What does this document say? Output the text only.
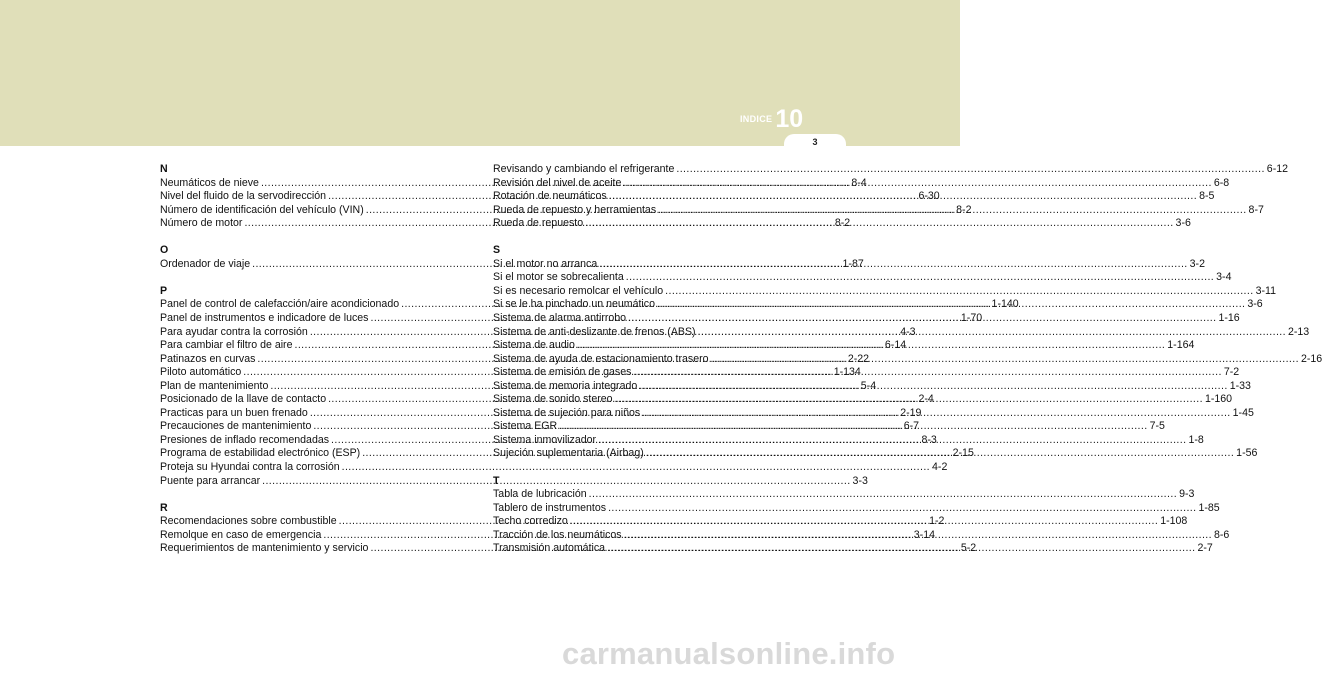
INDICE 10
3
N
Neumáticos de nieve .....	8-4
Nivel del fluido de la servodirección .....	6-30
Número de identificación del vehículo (VIN) .....	8-2
Número de motor .....	8-2
O
Ordenador de viaje .....	1-87
P
Panel de control de calefacción/aire acondicionado .....	1-140
Panel de instrumentos e indicadore de luces .....	1-70
Para ayudar contra la corrosión .....	4-3
Para cambiar el filtro de aire .....	6-14
Patinazos en curvas .....	2-22
Piloto automático .....	1-134
Plan de mantenimiento .....	5-4
Posicionado de la llave de contacto .....	2-4
Practicas para un buen frenado .....	2-19
Precauciones de mantenimiento .....	6-7
Presiones de inflado recomendadas .....	8-3
Programa de estabilidad electrónico (ESP) .....	2-15
Proteja su Hyundai contra la corrosión .....	4-2
Puente para arrancar .....	3-3
R
Recomendaciones sobre combustible .....	1-2
Remolque en caso de emergencia .....	3-14
Requerimientos de mantenimiento y servicio .....	5-2
Revisando y cambiando el refrigerante .....	6-12
Revisión del nivel de aceite .....	6-8
Rotación de neumáticos .....	8-5
Rueda de repuesto y herramientas .....	8-7
Rueda de repuesto .....	3-6
S
Si el motor no arranca .....	3-2
Si el motor se sobrecalienta .....	3-4
Si es necesario remolcar el vehículo .....	3-11
Si se le ha pinchado un neumático .....	3-6
Sistema de alarma antirrobo .....	1-16
Sistema de anti-deslizante de frenos (ABS) .....	2-13
Sistema de audio .....	1-164
Sistema de ayuda de estacionamiento trasero .....	2-16
Sistema de emisión de gases .....	7-2
Sistema de memoria integrado .....	1-33
Sistema de sonido stereo .....	1-160
Sistema de sujeción para niños .....	1-45
Sistema EGR .....	7-5
Sistema inmovilizador .....	1-8
Sujeción suplementaria (Airbag) .....	1-56
T
Tabla de lubricación .....	9-3
Tablero de instrumentos .....	1-85
Techo corredizo .....	1-108
Tracción de los neumáticos .....	8-6
Transmisión automática .....	2-7
carmanualsonline.info
